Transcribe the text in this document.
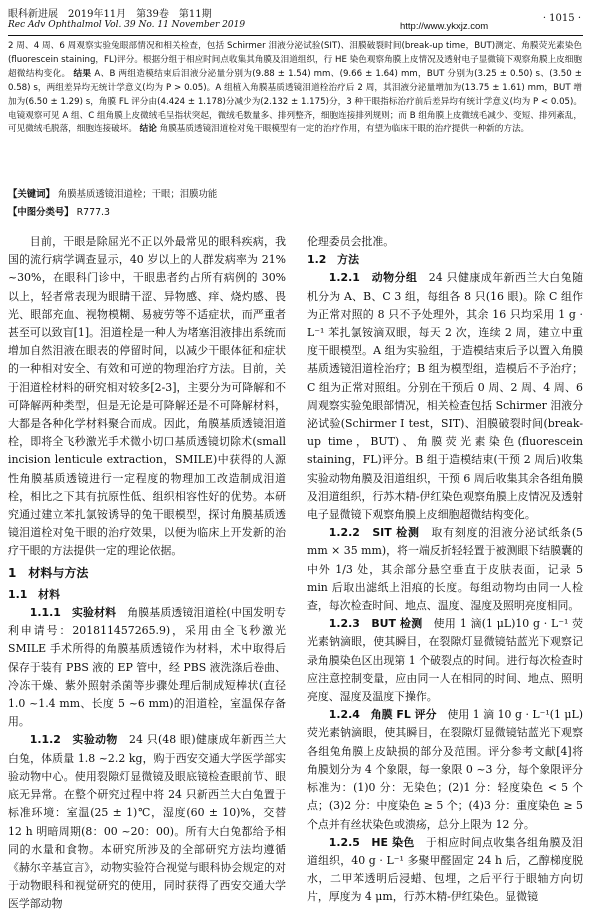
眼科新进展　2019年11月　第39卷　第11期
Rec Adv Ophthalmol Vol. 39 No. 11 November 2019	http://www.ykxjz.com
· 1015 ·

2 周、4 周、6 周观察实验兔眼部情况和相关检查，包括 Schirmer 泪液分泌试验(SIT)、泪膜破裂时间(break-up time，BUT)测定、角膜荧光素染色(fluorescein staining，FL)评分。根据分组于相应时间点收集其角膜及泪道组织，行 HE 染色观察角膜上皮情况及透射电子显微镜下观察角膜上皮细胞超微结构变化。 结果 A、B 两组造模结束后泪液分泌量分别为(9.88 ± 1.54) mm、(9.66 ± 1.64) mm，BUT 分别为(3.25 ± 0.50) s、(3.50 ± 0.58) s，两组差异均无统计学意义(均为 P > 0.05)。A 组植入角膜基质透镜泪道栓治疗后 2 周，其泪液分泌量增加为(13.75 ± 1.61) mm，BUT 增加为(6.50 ± 1.29) s，角膜 FL 评分由(4.424 ± 1.178)分减少为(2.132 ± 1.175)分，3 种干眼指标治疗前后差异均有统计学意义(均为 P < 0.05)。电镜观察可见 A 组、C 组角膜上皮微绒毛呈指状突起，微绒毛数量多、排列整齐，细胞连接排列规则；而 B 组角膜上皮微绒毛减少、变短、排列紊乱，可见微绒毛脱落，细胞连接破坏。 结论 角膜基质透镜泪道栓对兔干眼模型有一定的治疗作用，有望为临床干眼的治疗提供一种新的方法。

【关键词】 角膜基质透镜泪道栓；干眼；泪膜功能
【中图分类号】 R777.3

目前，干眼是除屈光不正以外最常见的眼科疾病，我国的流行病学调查显示，40 岁以上的人群发病率为 21% ~30%，在眼科门诊中，干眼患者约占所有病例的 30% 以上，轻者常表现为眼睛干涩、异物感、痒、烧灼感、畏光、眼部充血、视物模糊、易疲劳等不适症状，而严重者甚至可以致盲[1]。泪道栓是一种人为堵塞泪液排出系统而增加自然泪液在眼表的停留时间，以减少干眼体征和症状的一种相对安全、有效和可逆的物理治疗方法。目前，关于泪道栓材料的研究相对较多[2-3]，主要分为可降解和不可降解两种类型，但是无论是可降解还是不可降解材料，大都是各种化学材料聚合而成。因此，角膜基质透镜泪道栓，即将全飞秒激光手术微小切口基质透镜切除术(small incision lenticule extraction，SMILE)中获得的人源性角膜基质透镜进行一定程度的物理加工改造制成泪道栓，相比之下其有抗原性低、组织相容性好的优势。本研究通过建立苯扎氯铵诱导的兔干眼模型，探讨角膜基质透镜泪道栓对兔干眼的治疗效果，以便为临床上开发新的治疗干眼的方法提供一定的理论依据。

1　材料与方法

1.1　材料

1.1.1　实验材料　 角膜基质透镜泪道栓(中国发明专利申请号：201811457265.9)，采用由全飞秒激光 SMILE 手术所得的角膜基质透镜作为材料，术中取得后保存于装有 PBS 液的 EP 管中，经 PBS 液洗涤后卷曲、冷冻干燥、紫外照射杀菌等步骤处理后制成短棒状(直径 1.0 ~1.4 mm、长度 5 ~6 mm)的泪道栓，室温保存备用。

1.1.2　实验动物　 24 只(48 眼)健康成年新西兰大白兔，体质量 1.8 ~2.2 kg，购于西安交通大学医学部实验动物中心。使用裂隙灯显微镜及眼底镜检查眼前节、眼底无异常。在整个研究过程中将 24 只新西兰大白兔置于标准环境：室温(25 ± 1)℃，湿度(60 ± 10)%，交替 12 h 明暗周期(8：00 ~20：00)。所有大白兔都给予相同的水量和食物。本研究所涉及的全部研究方法均遵循《赫尔辛基宣言》，动物实验符合视觉与眼科协会规定的对于动物眼科和视觉研究的使用，同时获得了西安交通大学医学部动物

伦理委员会批准。

1.2　方法

1.2.1　动物分组　 24 只健康成年新西兰大白兔随机分为 A、B、C 3 组，每组各 8 只(16 眼)。除 C 组作为正常对照的 8 只不予处理外，其余 16 只均采用 1 g · L⁻¹ 苯扎氯铵滴双眼，每天 2 次，连续 2 周，建立中重度干眼模型。A 组为实验组，于造模结束后予以置入角膜基质透镜泪道栓治疗；B 组为模型组，造模后不予治疗；C 组为正常对照组。分别在干预后 0 周、2 周、4 周、6 周观察实验兔眼部情况，相关检查包括 Schirmer 泪液分泌试验(Schirmer Ⅰ test，SIT)、泪膜破裂时间(break-up time，BUT)、角膜荧光素染色(fluorescein staining，FL)评分。B 组于造模结束(干预 2 周后)收集实验动物角膜及泪道组织，干预 6 周后收集其余各组角膜及泪道组织，行苏木精-伊红染色观察角膜上皮情况及透射电子显微镜下观察角膜上皮细胞超微结构变化。

1.2.2　SIT 检测　 取有刻度的泪液分泌试纸条(5 mm × 35 mm)，将一端反折轻轻置于被测眼下结膜囊的中外 1/3 处，其余部分悬空垂直于皮肤表面，记录 5 min 后取出滤纸上泪痕的长度。每组动物均由同一人检查，每次检查时间、地点、温度、湿度及照明亮度相同。

1.2.3　BUT 检测　 使用 1 滴(1 μL)10 g · L⁻¹ 荧光素钠滴眼，使其瞬目，在裂隙灯显微镜钴蓝光下观察记录角膜染色区出现第 1 个破裂点的时间。进行每次检查时应注意控制变量，应由同一人在相同的时间、地点、照明亮度、湿度及温度下操作。

1.2.4　角膜 FL 评分　 使用 1 滴 10 g · L⁻¹(1 μL)荧光素钠滴眼，使其瞬目，在裂隙灯显微镜钴蓝光下观察各组兔角膜上皮缺损的部分及范围。评分参考文献[4]将角膜划分为 4 个象限，每一象限 0 ~3 分，每个象限评分标准为：(1)0 分：无染色；(2)1 分：轻度染色 < 5 个点；(3)2 分：中度染色 ≥ 5 个；(4)3 分：重度染色 ≥ 5 个点并有丝状染色或溃疡，总分上限为 12 分。

1.2.5　HE 染色　 于相应时间点收集各组角膜及泪道组织，40 g · L⁻¹ 多聚甲醛固定 24 h 后，乙醇梯度脱水，二甲苯透明后浸蜡、包埋，之后平行于眼轴方向切片，厚度为 4 μm，行苏木精-伊红染色。显微镜
